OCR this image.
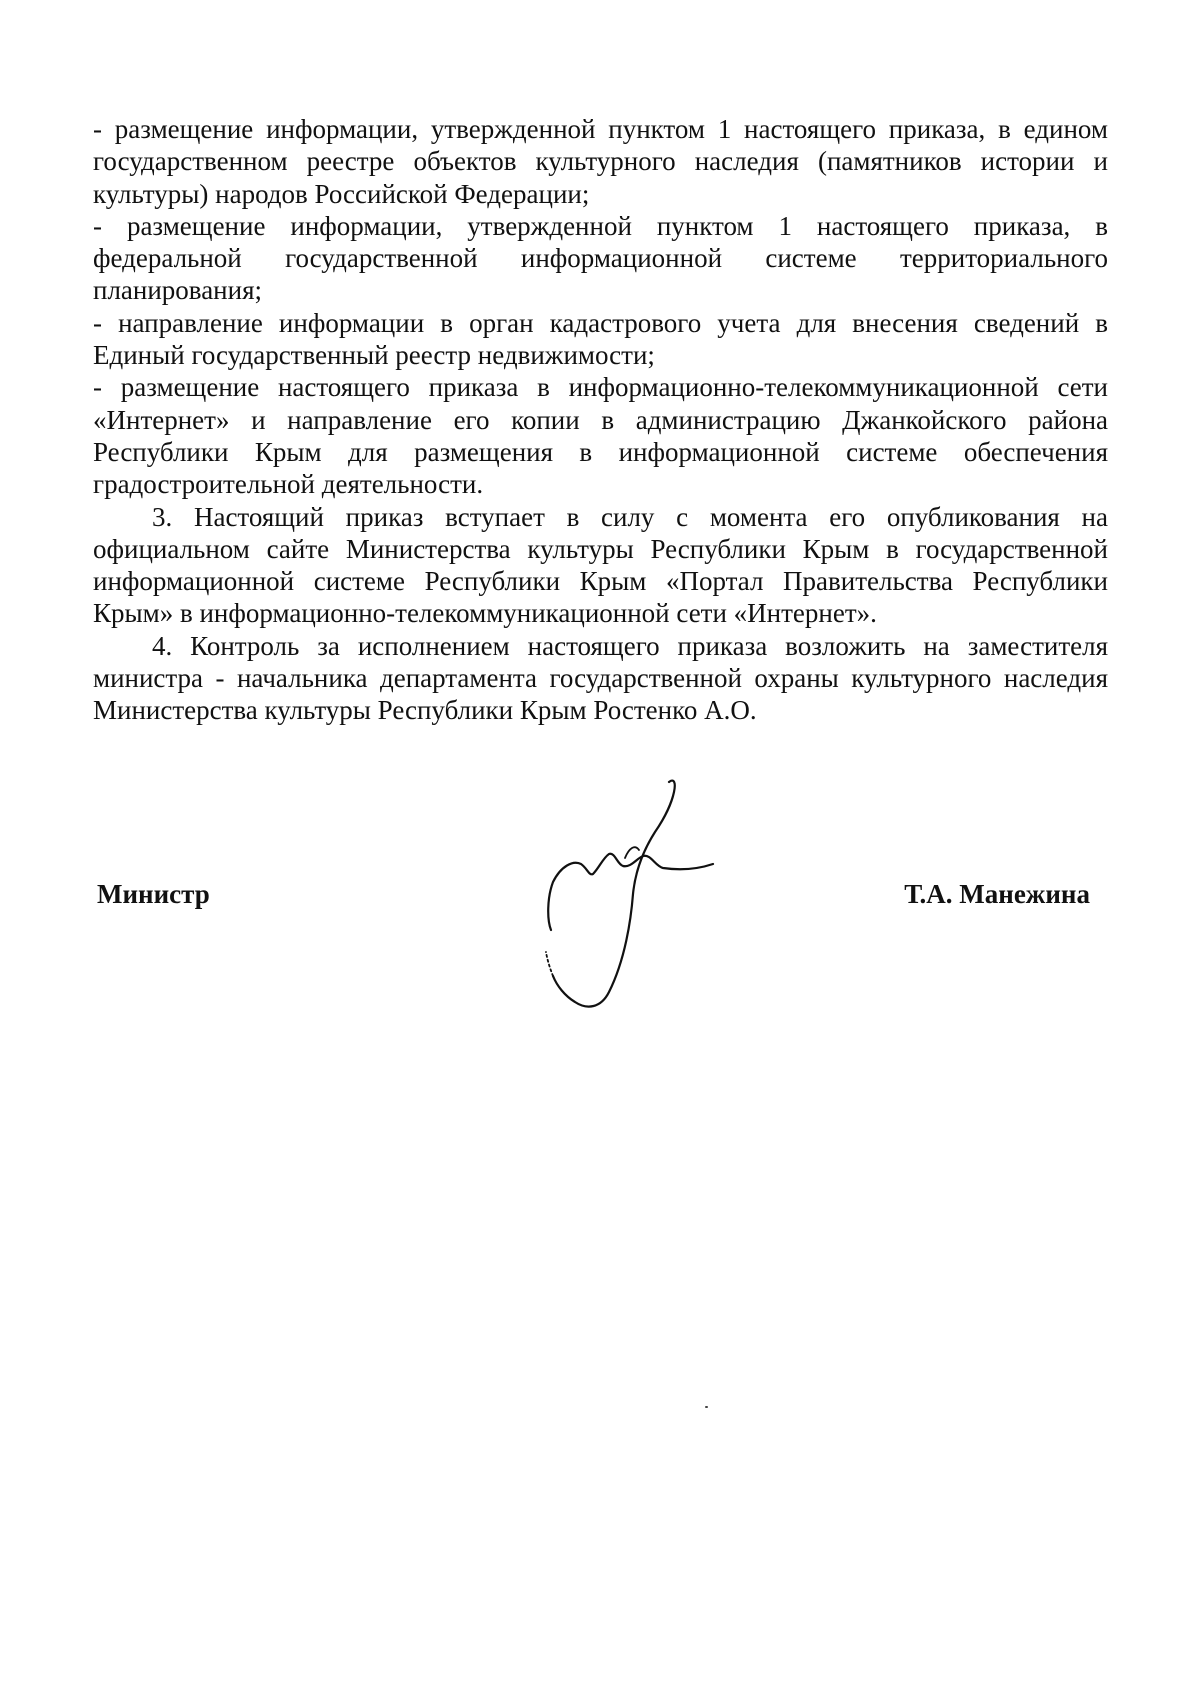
- размещение информации, утвержденной пунктом 1 настоящего приказа, в едином государственном реестре объектов культурного наследия (памятников истории и культуры) народов Российской Федерации;

- размещение информации, утвержденной пунктом 1 настоящего приказа, в федеральной государственной информационной системе территориального планирования;

- направление информации в орган кадастрового учета для внесения сведений в Единый государственный реестр недвижимости;

- размещение настоящего приказа в информационно-телекоммуникационной сети «Интернет» и направление его копии в администрацию Джанкойского района Республики Крым для размещения в информационной системе обеспечения градостроительной деятельности.

3. Настоящий приказ вступает в силу с момента его опубликования на официальном сайте Министерства культуры Республики Крым в государственной информационной системе Республики Крым «Портал Правительства Республики Крым» в информационно-телекоммуникационной сети «Интернет».

4. Контроль за исполнением настоящего приказа возложить на заместителя министра - начальника департамента государственной охраны культурного наследия Министерства культуры Республики Крым Ростенко А.О.

Министр	Т.А. Манежина
